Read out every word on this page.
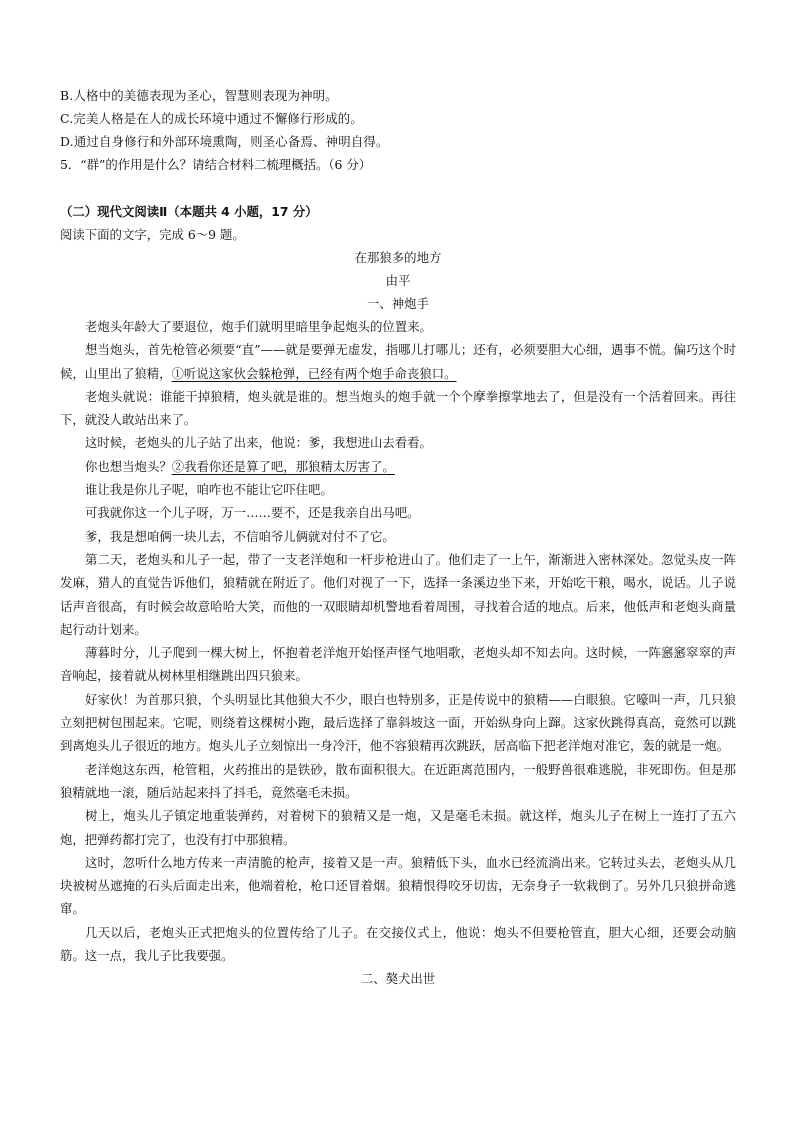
B.人格中的美德表现为圣心，智慧则表现为神明。
C.完美人格是在人的成长环境中通过不懈修行形成的。
D.通过自身修行和外部环境熏陶，则圣心备焉、神明自得。
5．“群”的作用是什么？请结合材料二梳理概括。（6 分）
（二）现代文阅读Ⅱ（本题共 4 小题，17 分）
阅读下面的文字，完成 6～9 题。
在那狼多的地方
由平
一、神炮手

老炮头年龄大了要退位，炮手们就明里暗里争起炮头的位置来。

想当炮头，首先枪管必须要“直”——就是要弹无虚发，指哪儿打哪儿；还有，必须要胆大心细，遇事不慌。偏巧这个时候，山里出了狼精，①听说这家伙会躲枪弹，已经有两个炮手命丧狼口。

老炮头就说：谁能干掉狼精，炮头就是谁的。想当炮头的炮手就一个个摩拳擦掌地去了，但是没有一个活着回来。再往下，就没人敢站出来了。

这时候，老炮头的儿子站了出来，他说：爹，我想进山去看看。

你也想当炮头？②我看你还是算了吧，那狼精太厉害了。

谁让我是你儿子呢，咱咋也不能让它吓住吧。

可我就你这一个儿子呀，万一……要不，还是我亲自出马吧。

爹，我是想咱俩一块儿去，不信咱爷儿俩就对付不了它。

第二天，老炮头和儿子一起，带了一支老洋炮和一杆步枪进山了。他们走了一上午，渐渐进入密林深处。忽觉头皮一阵发麻，猎人的直觉告诉他们，狼精就在附近了。他们对视了一下，选择一条溪边坐下来，开始吃干粮，喝水，说话。儿子说话声音很高，有时候会故意哈哈大笑，而他的一双眼睛却机警地看着周围，寻找着合适的地点。后来，他低声和老炮头商量起行动计划来。

薄暮时分，儿子爬到一棵大树上，怀抱着老洋炮开始怪声怪气地唱歌，老炮头却不知去向。这时候，一阵窸窸窣窣的声音响起，接着就从树林里相继跳出四只狼来。

好家伙！为首那只狼，个头明显比其他狼大不少，眼白也特别多，正是传说中的狼精——白眼狼。它嚎叫一声，几只狼立刻把树包围起来。它呢，则绕着这棵树小跑，最后选择了靠斜坡这一面，开始纵身向上蹿。这家伙跳得真高，竟然可以跳到离炮头儿子很近的地方。炮头儿子立刻惊出一身冷汗，他不容狼精再次跳跃，居高临下把老洋炮对准它，轰的就是一炮。

老洋炮这东西，枪管粗，火药推出的是铁砂，散布面积很大。在近距离范围内，一般野兽很难逃脱，非死即伤。但是那狼精就地一滚，随后站起来抖了抖毛，竟然毫毛未损。

树上，炮头儿子镇定地重装弹药，对着树下的狼精又是一炮，又是毫毛未损。就这样，炮头儿子在树上一连打了五六炮，把弹药都打完了，也没有打中那狼精。

这时，忽听什么地方传来一声清脆的枪声，接着又是一声。狼精低下头，血水已经流淌出来。它转过头去，老炮头从几块被树丛遮掩的石头后面走出来，他端着枪，枪口还冒着烟。狼精恨得咬牙切齿，无奈身子一软栽倒了。另外几只狼拼命逃窜。

几天以后，老炮头正式把炮头的位置传给了儿子。在交接仪式上，他说：炮头不但要枪管直，胆大心细，还要会动脑筋。这一点，我儿子比我要强。

二、獒犬出世
